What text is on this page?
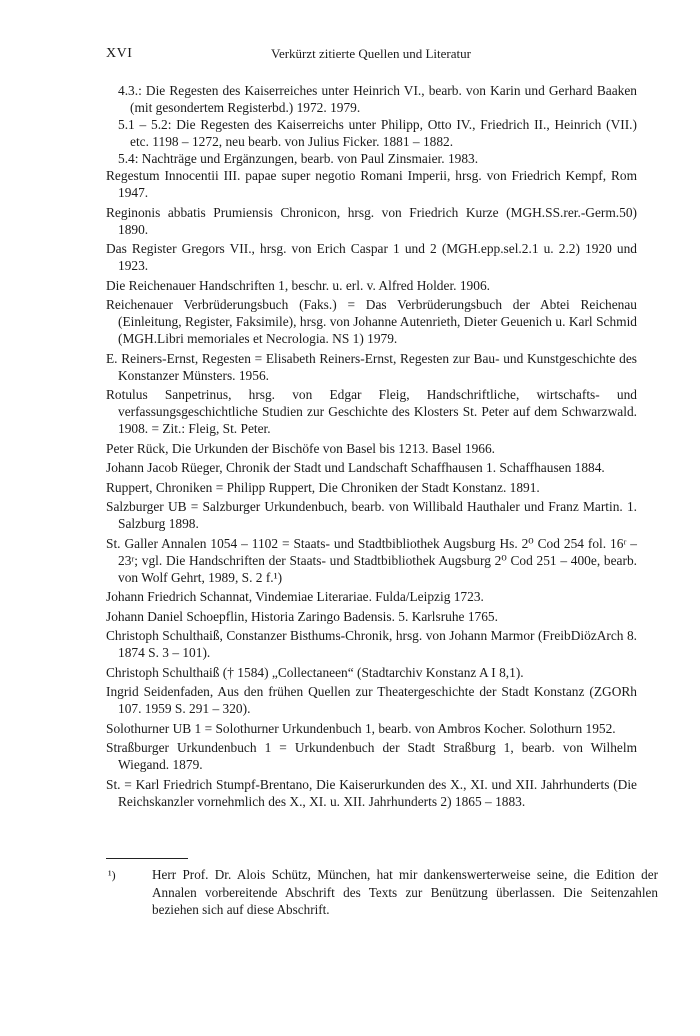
XVI	Verkürzt zitierte Quellen und Literatur

4.3.: Die Regesten des Kaiserreiches unter Heinrich VI., bearb. von Karin und Gerhard Baaken (mit gesondertem Registerbd.) 1972. 1979.

5.1 – 5.2: Die Regesten des Kaiserreichs unter Philipp, Otto IV., Friedrich II., Heinrich (VII.) etc. 1198 – 1272, neu bearb. von Julius Ficker. 1881 – 1882.

5.4: Nachträge und Ergänzungen, bearb. von Paul Zinsmaier. 1983.

Regestum Innocentii III. papae super negotio Romani Imperii, hrsg. von Friedrich Kempf, Rom 1947.

Reginonis abbatis Prumiensis Chronicon, hrsg. von Friedrich Kurze (MGH.SS.rer.-Germ.50) 1890.

Das Register Gregors VII., hrsg. von Erich Caspar 1 und 2 (MGH.epp.sel.2.1 u. 2.2) 1920 und 1923.

Die Reichenauer Handschriften 1, beschr. u. erl. v. Alfred Holder. 1906.

Reichenauer Verbrüderungsbuch (Faks.) = Das Verbrüderungsbuch der Abtei Reichenau (Einleitung, Register, Faksimile), hrsg. von Johanne Autenrieth, Dieter Geuenich u. Karl Schmid (MGH.Libri memoriales et Necrologia. NS 1) 1979.

E. Reiners-Ernst, Regesten = Elisabeth Reiners-Ernst, Regesten zur Bau- und Kunstgeschichte des Konstanzer Münsters. 1956.

Rotulus Sanpetrinus, hrsg. von Edgar Fleig, Handschriftliche, wirtschafts- und verfassungsgeschichtliche Studien zur Geschichte des Klosters St. Peter auf dem Schwarzwald. 1908. = Zit.: Fleig, St. Peter.

Peter Rück, Die Urkunden der Bischöfe von Basel bis 1213. Basel 1966.

Johann Jacob Rüeger, Chronik der Stadt und Landschaft Schaffhausen 1. Schaffhausen 1884.

Ruppert, Chroniken = Philipp Ruppert, Die Chroniken der Stadt Konstanz. 1891.

Salzburger UB = Salzburger Urkundenbuch, bearb. von Willibald Hauthaler und Franz Martin. 1. Salzburg 1898.

St. Galler Annalen 1054 – 1102 = Staats- und Stadtbibliothek Augsburg Hs. 2⁰ Cod 254 fol. 16ʳ – 23ʳ; vgl. Die Handschriften der Staats- und Stadtbibliothek Augsburg 2⁰ Cod 251 – 400e, bearb. von Wolf Gehrt, 1989, S. 2 f.¹)

Johann Friedrich Schannat, Vindemiae Literariae. Fulda/Leipzig 1723.

Johann Daniel Schoepflin, Historia Zaringo Badensis. 5. Karlsruhe 1765.

Christoph Schulthaiß, Constanzer Bisthums-Chronik, hrsg. von Johann Marmor (FreibDiözArch 8. 1874 S. 3 – 101).

Christoph Schulthaiß († 1584) „Collectaneen“ (Stadtarchiv Konstanz A I 8,1).

Ingrid Seidenfaden, Aus den frühen Quellen zur Theatergeschichte der Stadt Konstanz (ZGORh 107. 1959 S. 291 – 320).

Solothurner UB 1 = Solothurner Urkundenbuch 1, bearb. von Ambros Kocher. Solothurn 1952.

Straßburger Urkundenbuch 1 = Urkundenbuch der Stadt Straßburg 1, bearb. von Wilhelm Wiegand. 1879.

St. = Karl Friedrich Stumpf-Brentano, Die Kaiserurkunden des X., XI. und XII. Jahrhunderts (Die Reichskanzler vornehmlich des X., XI. u. XII. Jahrhunderts 2) 1865 – 1883.

¹)	Herr Prof. Dr. Alois Schütz, München, hat mir dankenswerterweise seine, die Edition der Annalen vorbereitende Abschrift des Texts zur Benützung überlassen. Die Seitenzahlen beziehen sich auf diese Abschrift.
